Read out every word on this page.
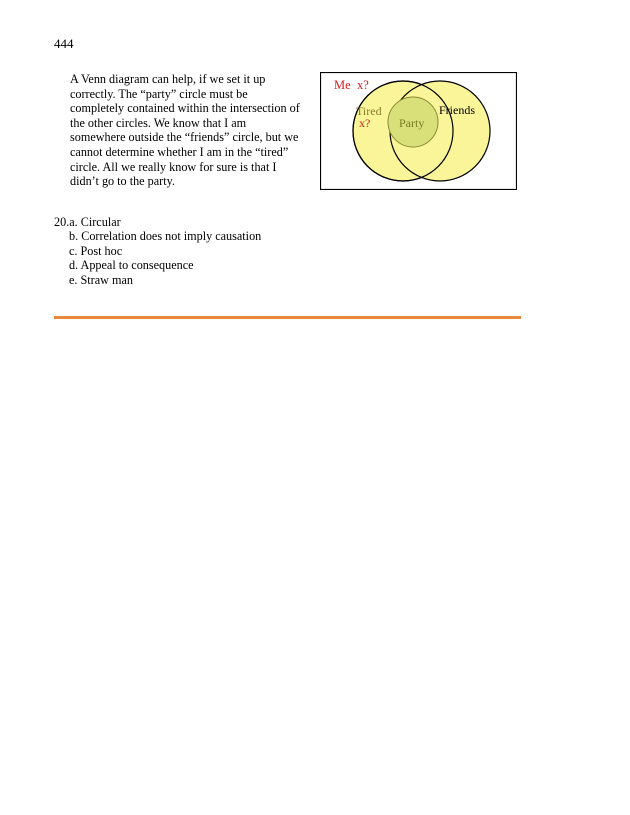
444
A Venn diagram can help, if we set it up
correctly. The “party” circle must be
completely contained within the intersection of
the other circles. We know that I am
somewhere outside the “friends” circle, but we
cannot determine whether I am in the “tired”
circle. All we really know for sure is that I
didn’t go to the party.
Me x?
Tired
x? Party
Friends
20.a. Circular
b. Correlation does not imply causation
c. Post hoc
d. Appeal to consequence
e. Straw man
